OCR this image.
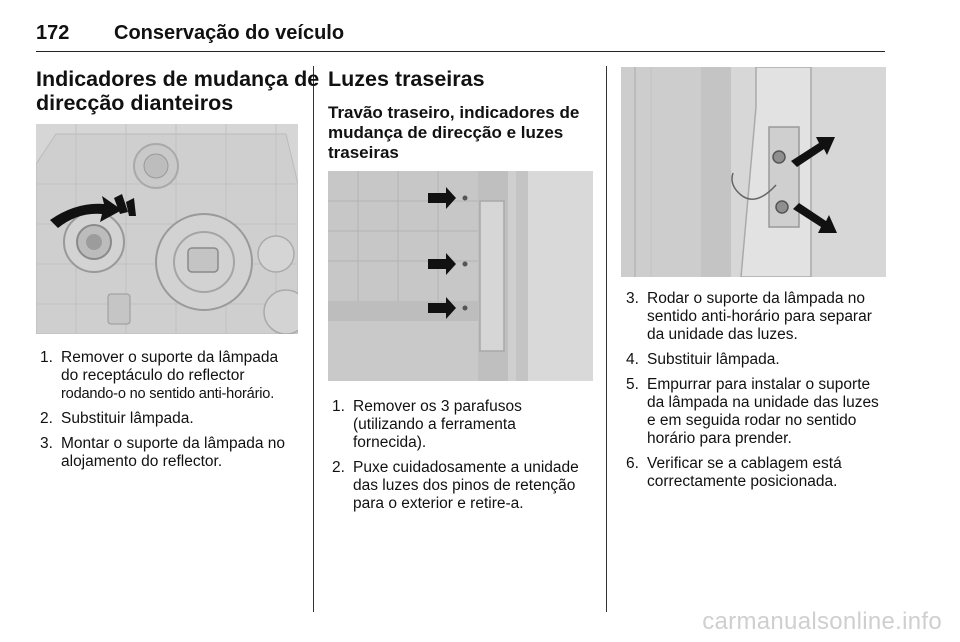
172 Conservação do veículo
Indicadores de mudança de
direcção dianteiros
1. Remover o suporte da lâmpada
do receptáculo do reflector
rodando-o no sentido anti-horário.
2. Substituir lâmpada.
3. Montar o suporte da lâmpada no
alojamento do reflector.
Luzes traseiras
Travão traseiro, indicadores de
mudança de direcção e luzes
traseiras
1. Remover os 3 parafusos
(utilizando a ferramenta
fornecida).
2. Puxe cuidadosamente a unidade
das luzes dos pinos de retenção
para o exterior e retire-a.
3. Rodar o suporte da lâmpada no
sentido anti-horário para separar
da unidade das luzes.
4. Substituir lâmpada.
5. Empurrar para instalar o suporte
da lâmpada na unidade das luzes
e em seguida rodar no sentido
horário para prender.
6. Verificar se a cablagem está
correctamente posicionada.
carmanualsonline.info
